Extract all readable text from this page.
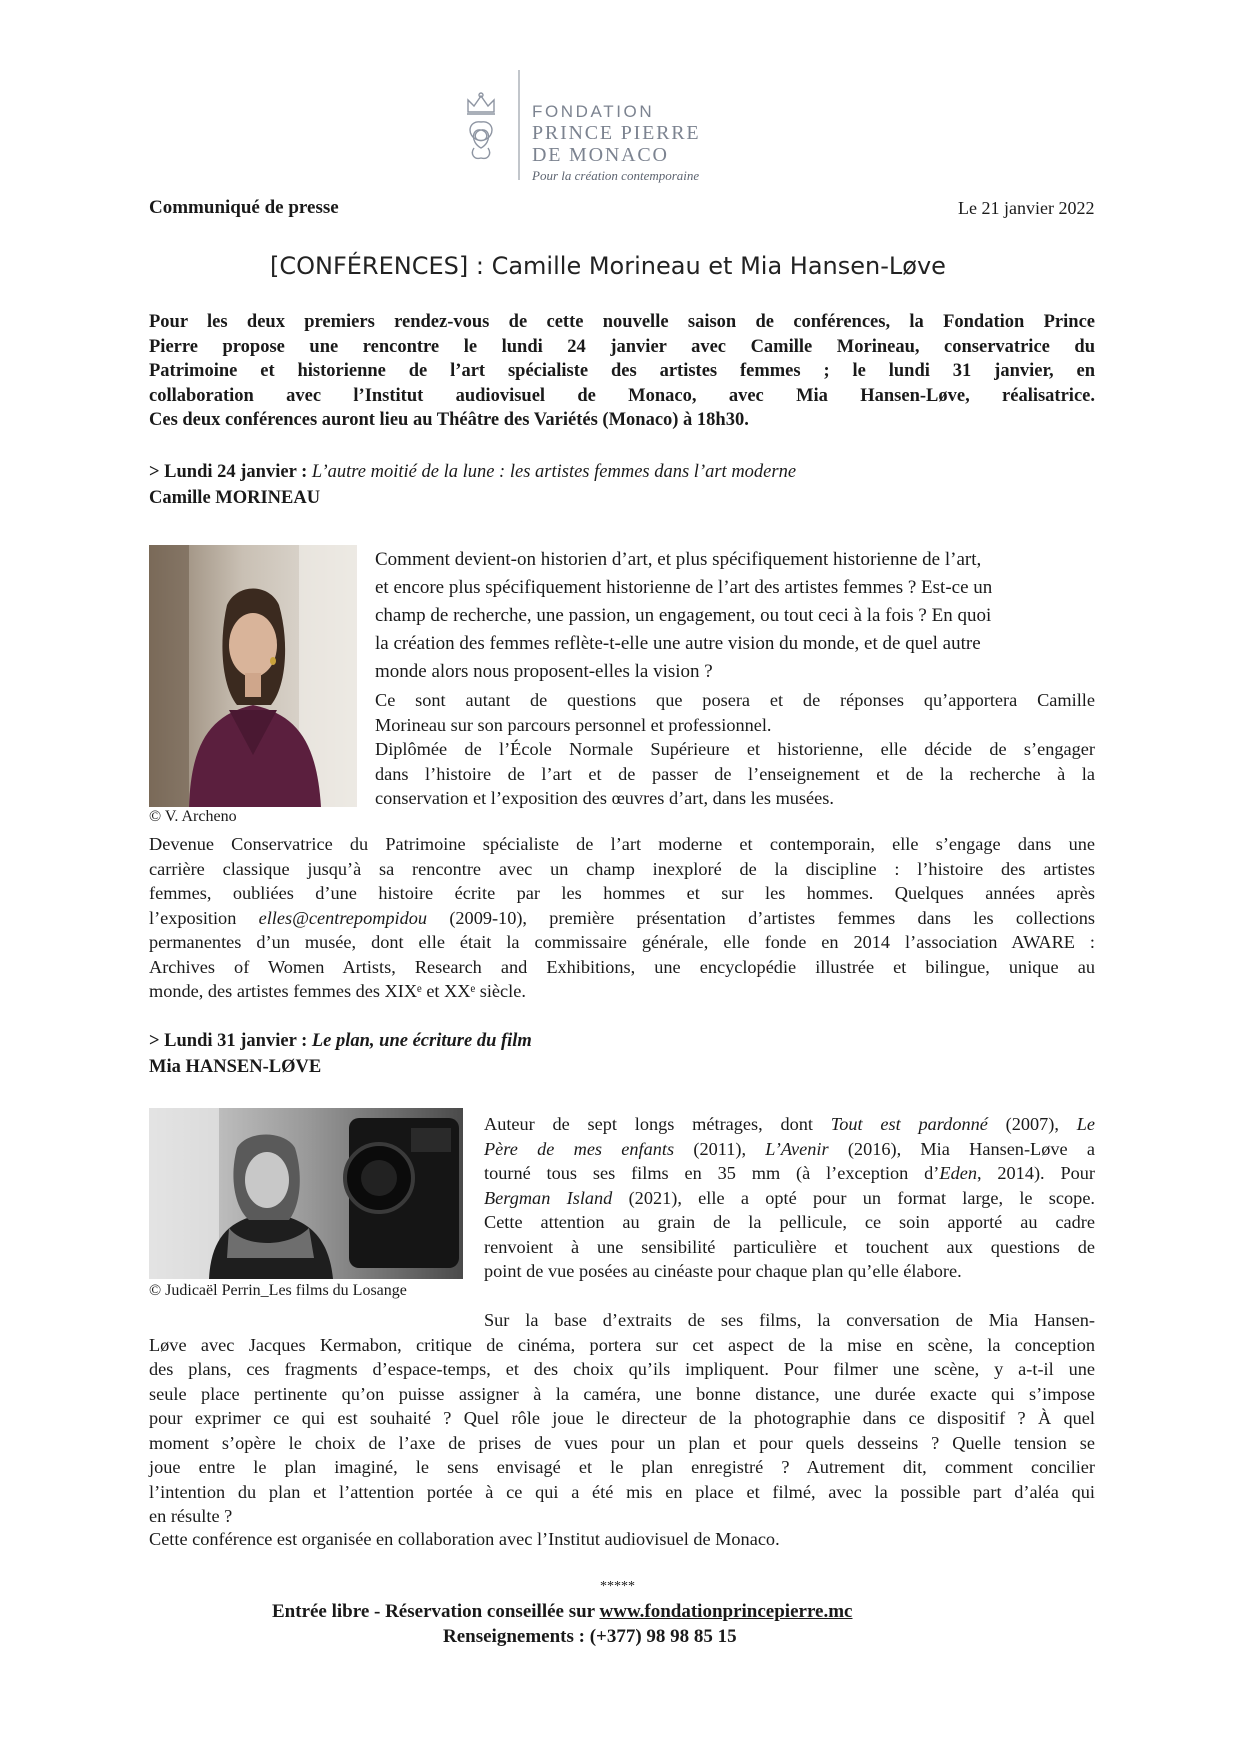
FONDATION
PRINCE PIERRE
DE MONACO
Pour la création contemporaine
Communiqué de presse	Le 21 janvier 2022
[CONFÉRENCES] : Camille Morineau et Mia Hansen-Løve
Pour les deux premiers rendez-vous de cette nouvelle saison de conférences, la Fondation Prince
Pierre propose une rencontre le lundi 24 janvier avec Camille Morineau, conservatrice du
Patrimoine et historienne de l’art spécialiste des artistes femmes ; le lundi 31 janvier, en
collaboration avec l’Institut audiovisuel de Monaco, avec Mia Hansen-Løve, réalisatrice.
Ces deux conférences auront lieu au Théâtre des Variétés (Monaco) à 18h30.
> Lundi 24 janvier : L’autre moitié de la lune : les artistes femmes dans l’art moderne
Camille MORINEAU
© V. Archeno
Comment devient-on historien d’art, et plus spécifiquement historienne de l’art,
et encore plus spécifiquement historienne de l’art des artistes femmes ? Est-ce un
champ de recherche, une passion, un engagement, ou tout ceci à la fois ? En quoi
la création des femmes reflète-t-elle une autre vision du monde, et de quel autre
monde alors nous proposent-elles la vision ?
Ce sont autant de questions que posera et de réponses qu’apportera Camille
Morineau sur son parcours personnel et professionnel.
Diplômée de l’École Normale Supérieure et historienne, elle décide de s’engager
dans l’histoire de l’art et de passer de l’enseignement et de la recherche à la
conservation et l’exposition des œuvres d’art, dans les musées.
Devenue Conservatrice du Patrimoine spécialiste de l’art moderne et contemporain, elle s’engage dans une
carrière classique jusqu’à sa rencontre avec un champ inexploré de la discipline : l’histoire des artistes
femmes, oubliées d’une histoire écrite par les hommes et sur les hommes. Quelques années après
l’exposition elles@centrepompidou (2009-10), première présentation d’artistes femmes dans les collections
permanentes d’un musée, dont elle était la commissaire générale, elle fonde en 2014 l’association AWARE :
Archives of Women Artists, Research and Exhibitions, une encyclopédie illustrée et bilingue, unique au
monde, des artistes femmes des XIXᵉ et XXᵉ siècle.
> Lundi 31 janvier : Le plan, une écriture du film
Mia HANSEN-LØVE
© Judicaël Perrin_Les films du Losange
Auteur de sept longs métrages, dont Tout est pardonné (2007), Le
Père de mes enfants (2011), L’Avenir (2016), Mia Hansen-Løve a
tourné tous ses films en 35 mm (à l’exception d’Eden, 2014). Pour
Bergman Island (2021), elle a opté pour un format large, le scope.
Cette attention au grain de la pellicule, ce soin apporté au cadre
renvoient à une sensibilité particulière et touchent aux questions de
point de vue posées au cinéaste pour chaque plan qu’elle élabore.
Sur la base d’extraits de ses films, la conversation de Mia Hansen-
Løve avec Jacques Kermabon, critique de cinéma, portera sur cet aspect de la mise en scène, la conception
des plans, ces fragments d’espace-temps, et des choix qu’ils impliquent. Pour filmer une scène, y a-t-il une
seule place pertinente qu’on puisse assigner à la caméra, une bonne distance, une durée exacte qui s’impose
pour exprimer ce qui est souhaité ? Quel rôle joue le directeur de la photographie dans ce dispositif ? À quel
moment s’opère le choix de l’axe de prises de vues pour un plan et pour quels desseins ? Quelle tension se
joue entre le plan imaginé, le sens envisagé et le plan enregistré ? Autrement dit, comment concilier
l’intention du plan et l’attention portée à ce qui a été mis en place et filmé, avec la possible part d’aléa qui
en résulte ?
Cette conférence est organisée en collaboration avec l’Institut audiovisuel de Monaco.
*****
Entrée libre - Réservation conseillée sur www.fondationprincepierre.mc
Renseignements : (+377) 98 98 85 15
